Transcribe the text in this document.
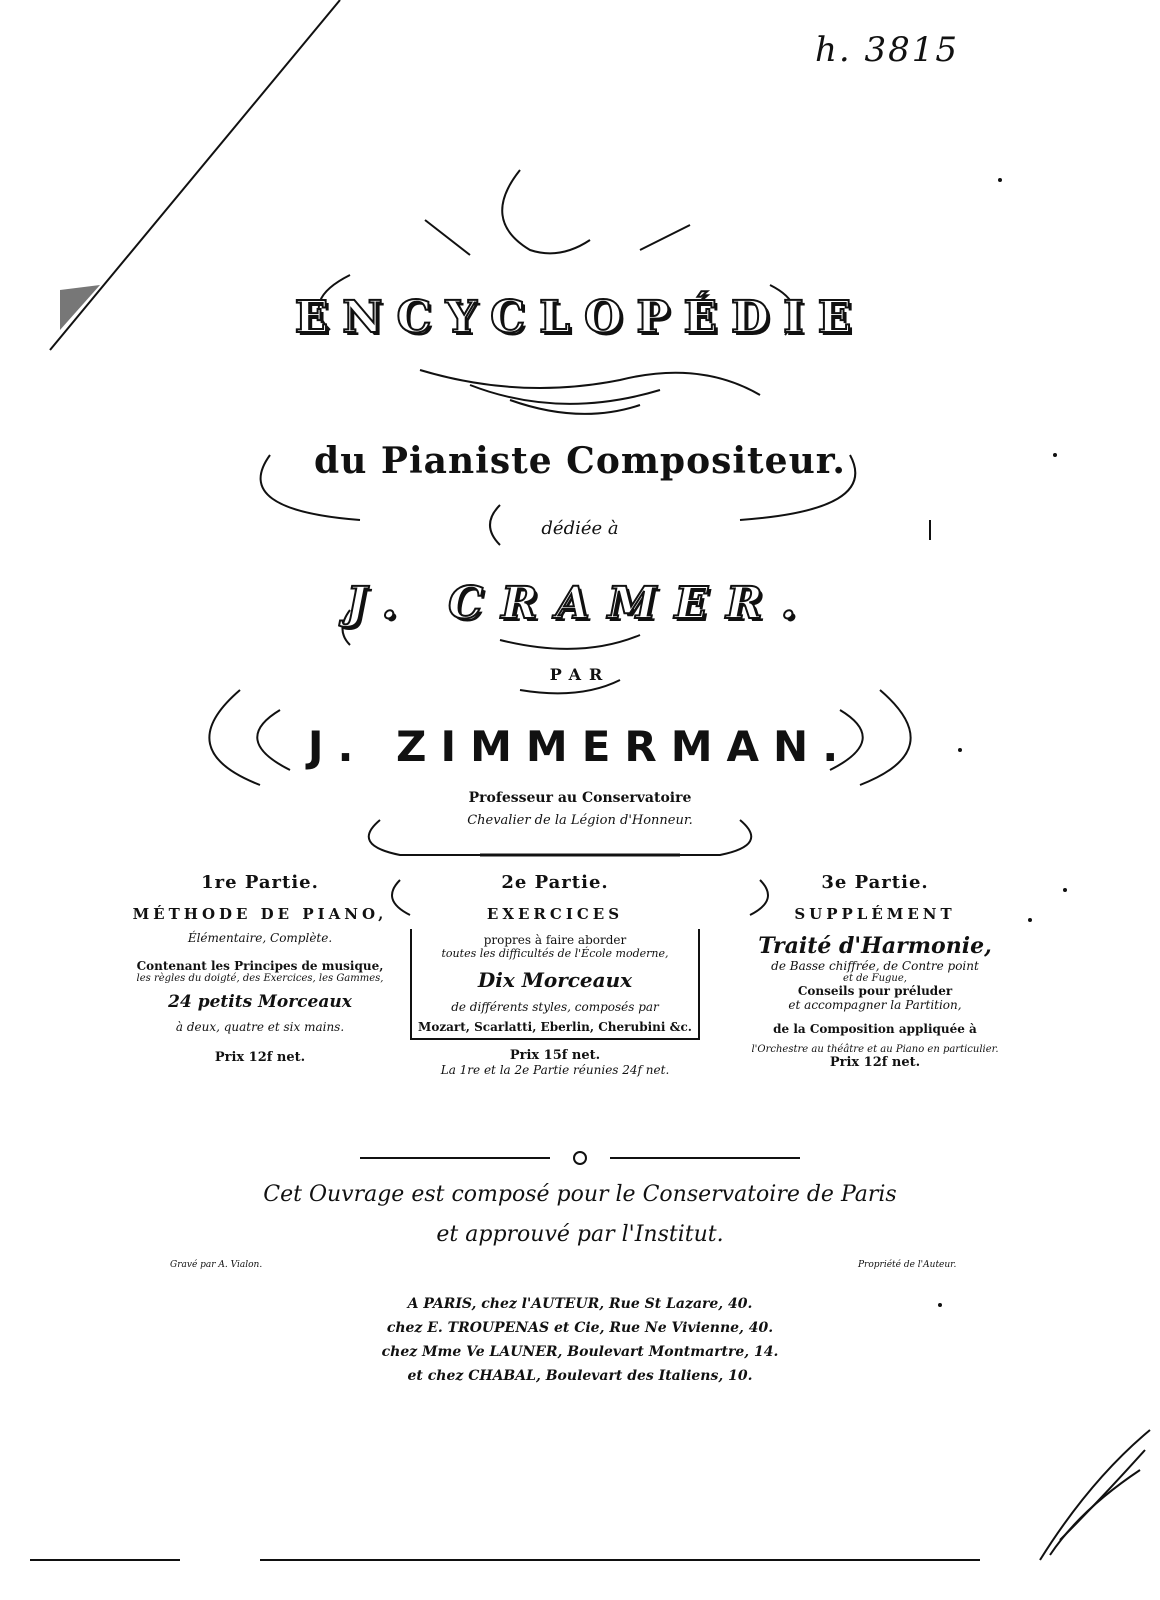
h. 3815
ENCYCLOPÉDIE
du Pianiste Compositeur.
dédiée à
J. CRAMER.
PAR
J. ZIMMERMAN.
Professeur au Conservatoire
Chevalier de la Légion d'Honneur.
1re Partie.
MÉTHODE DE PIANO,
Élémentaire, Complète.
Contenant les Principes de musique,
les règles du doigté, des Exercices, les Gammes,
24 petits Morceaux
à deux, quatre et six mains.
Prix 12f net.
2e Partie.
EXERCICES
propres à faire aborder
toutes les difficultés de l'École moderne,
Dix Morceaux
de différents styles, composés par
Mozart, Scarlatti, Eberlin, Cherubini &c.
Prix 15f net.
La 1re et la 2e Partie réunies 24f net.
3e Partie.
SUPPLÉMENT
Traité d'Harmonie,
de Basse chiffrée, de Contre point
et de Fugue,
Conseils pour préluder
et accompagner la Partition,
de la Composition appliquée à
l'Orchestre au théâtre et au Piano en particulier.
Prix 12f net.
Cet Ouvrage est composé pour le Conservatoire de Paris
et approuvé par l'Institut.
Gravé par A. Vialon.	Propriété de l'Auteur.
A PARIS, chez l'AUTEUR, Rue St Lazare, 40.
chez E. TROUPENAS et Cie, Rue Ne Vivienne, 40.
chez Mme Ve LAUNER, Boulevart Montmartre, 14.
et chez CHABAL, Boulevart des Italiens, 10.
